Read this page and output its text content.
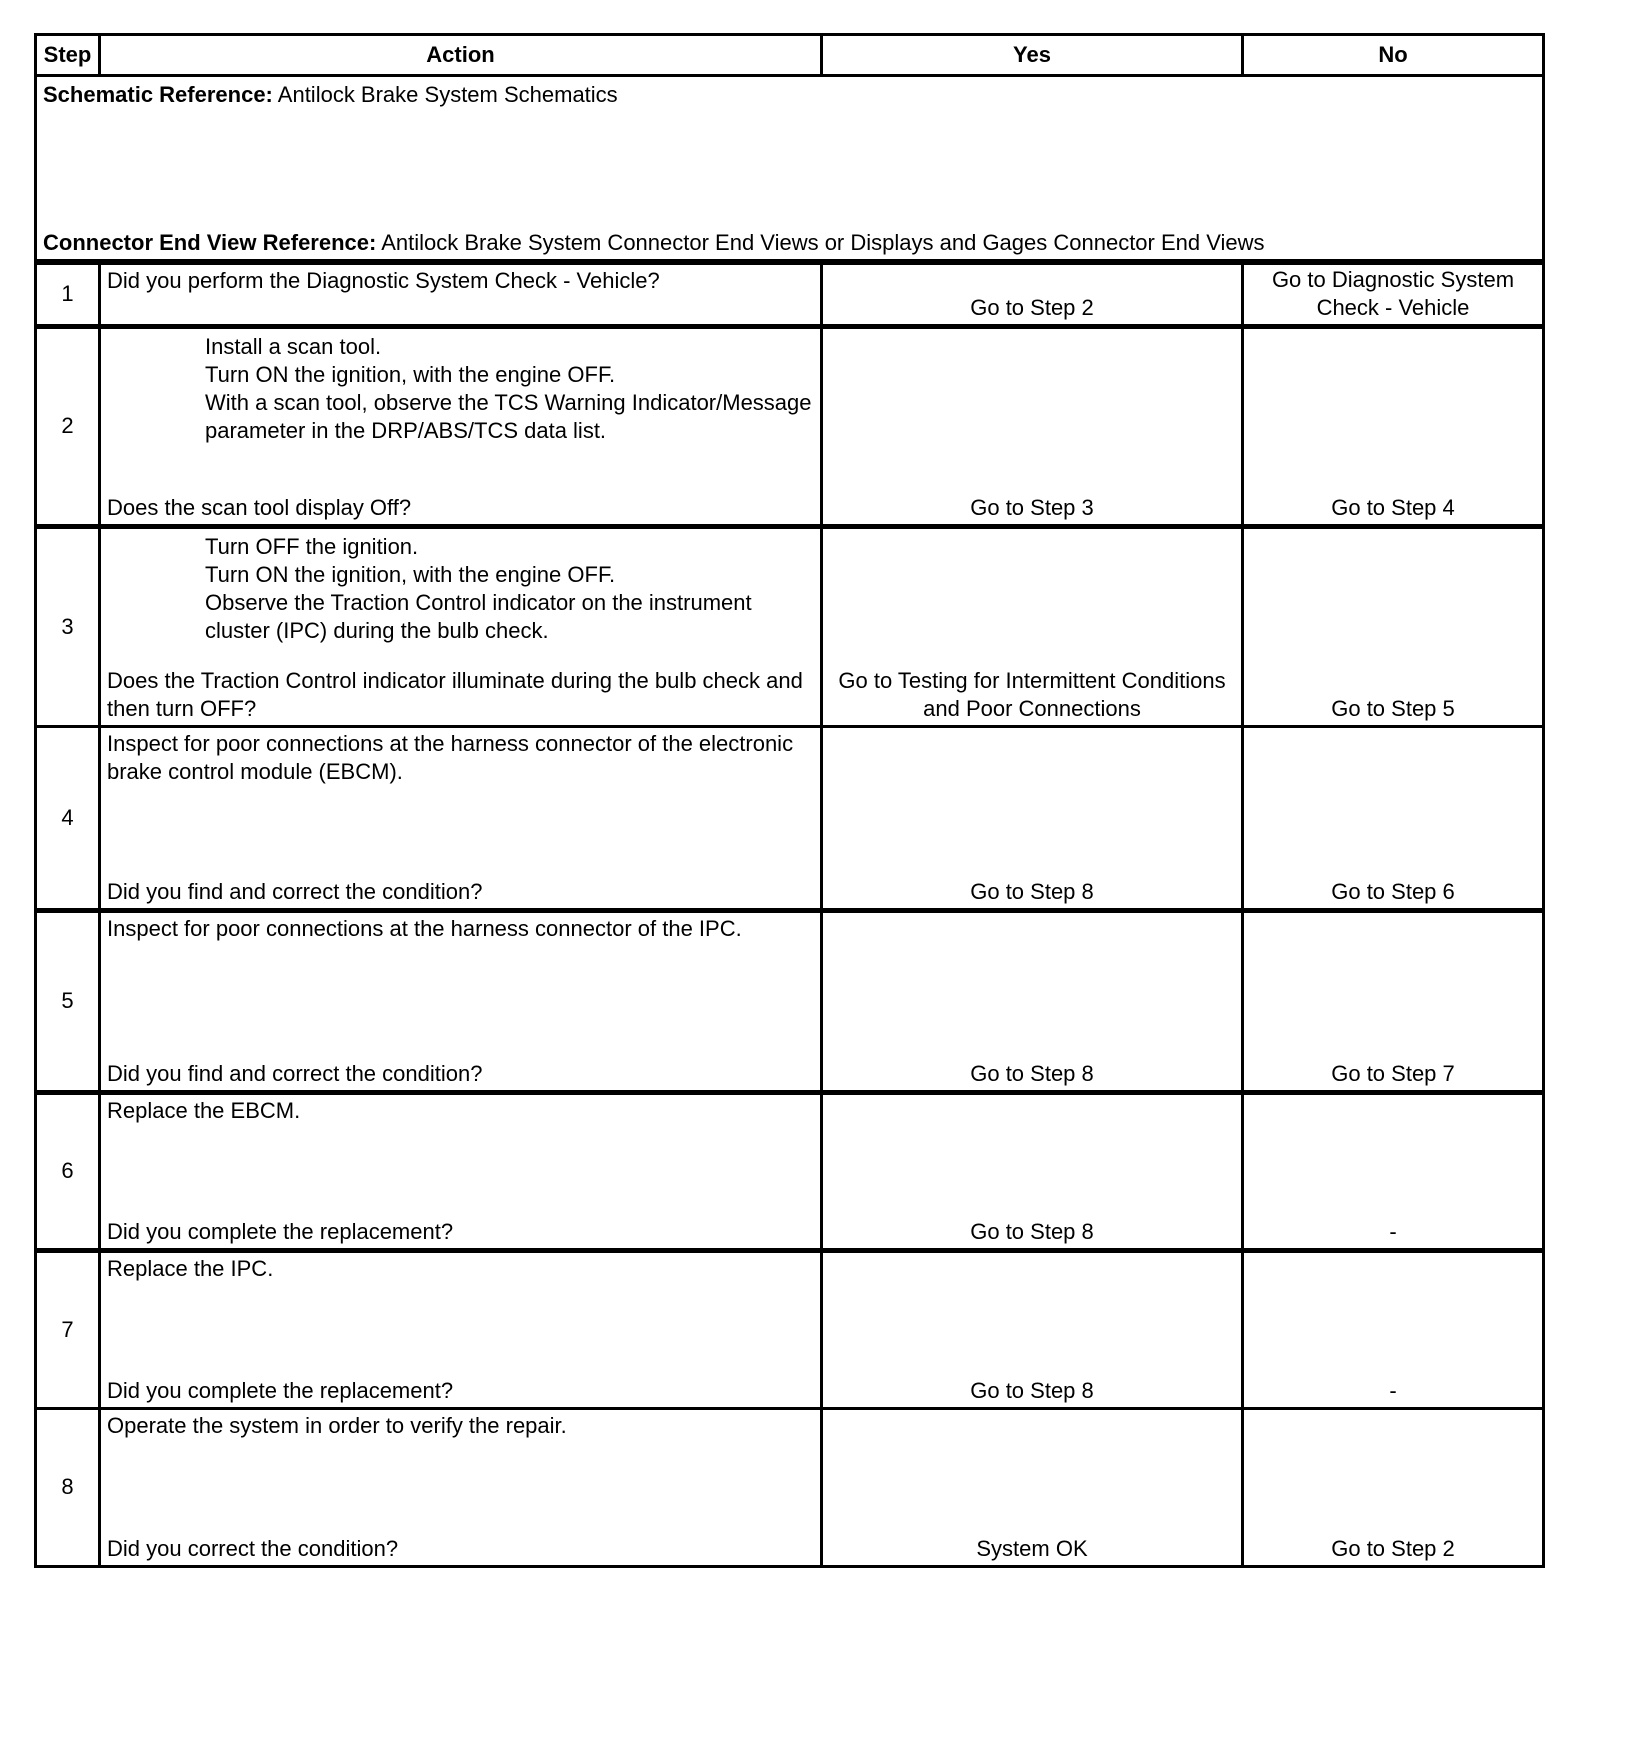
Step	Action	Yes	No

Schematic Reference: Antilock Brake System Schematics
Connector End View Reference: Antilock Brake System Connector End Views or Displays and Gages Connector End Views			

1	Did you perform the Diagnostic System Check - Vehicle?	Go to Step 2	Go to Diagnostic System Check - Vehicle
2	Install a scan tool.
Turn ON the ignition, with the engine OFF.
With a scan tool, observe the TCS Warning Indicator/Message parameter in the DRP/ABS/TCS data list.
Does the scan tool display Off?	Go to Step 3	Go to Step 4
3	Turn OFF the ignition.
Turn ON the ignition, with the engine OFF.
Observe the Traction Control indicator on the instrument cluster (IPC) during the bulb check.
Does the Traction Control indicator illuminate during the bulb check and then turn OFF?	Go to Testing for Intermittent Conditions and Poor Connections	Go to Step 5
4	Inspect for poor connections at the harness connector of the electronic brake control module (EBCM).
Did you find and correct the condition?	Go to Step 8	Go to Step 6
5	Inspect for poor connections at the harness connector of the IPC.
Did you find and correct the condition?	Go to Step 8	Go to Step 7
6	Replace the EBCM.
Did you complete the replacement?	Go to Step 8	-
7	Replace the IPC.
Did you complete the replacement?	Go to Step 8	-
8	Operate the system in order to verify the repair.
Did you correct the condition?	System OK	Go to Step 2
